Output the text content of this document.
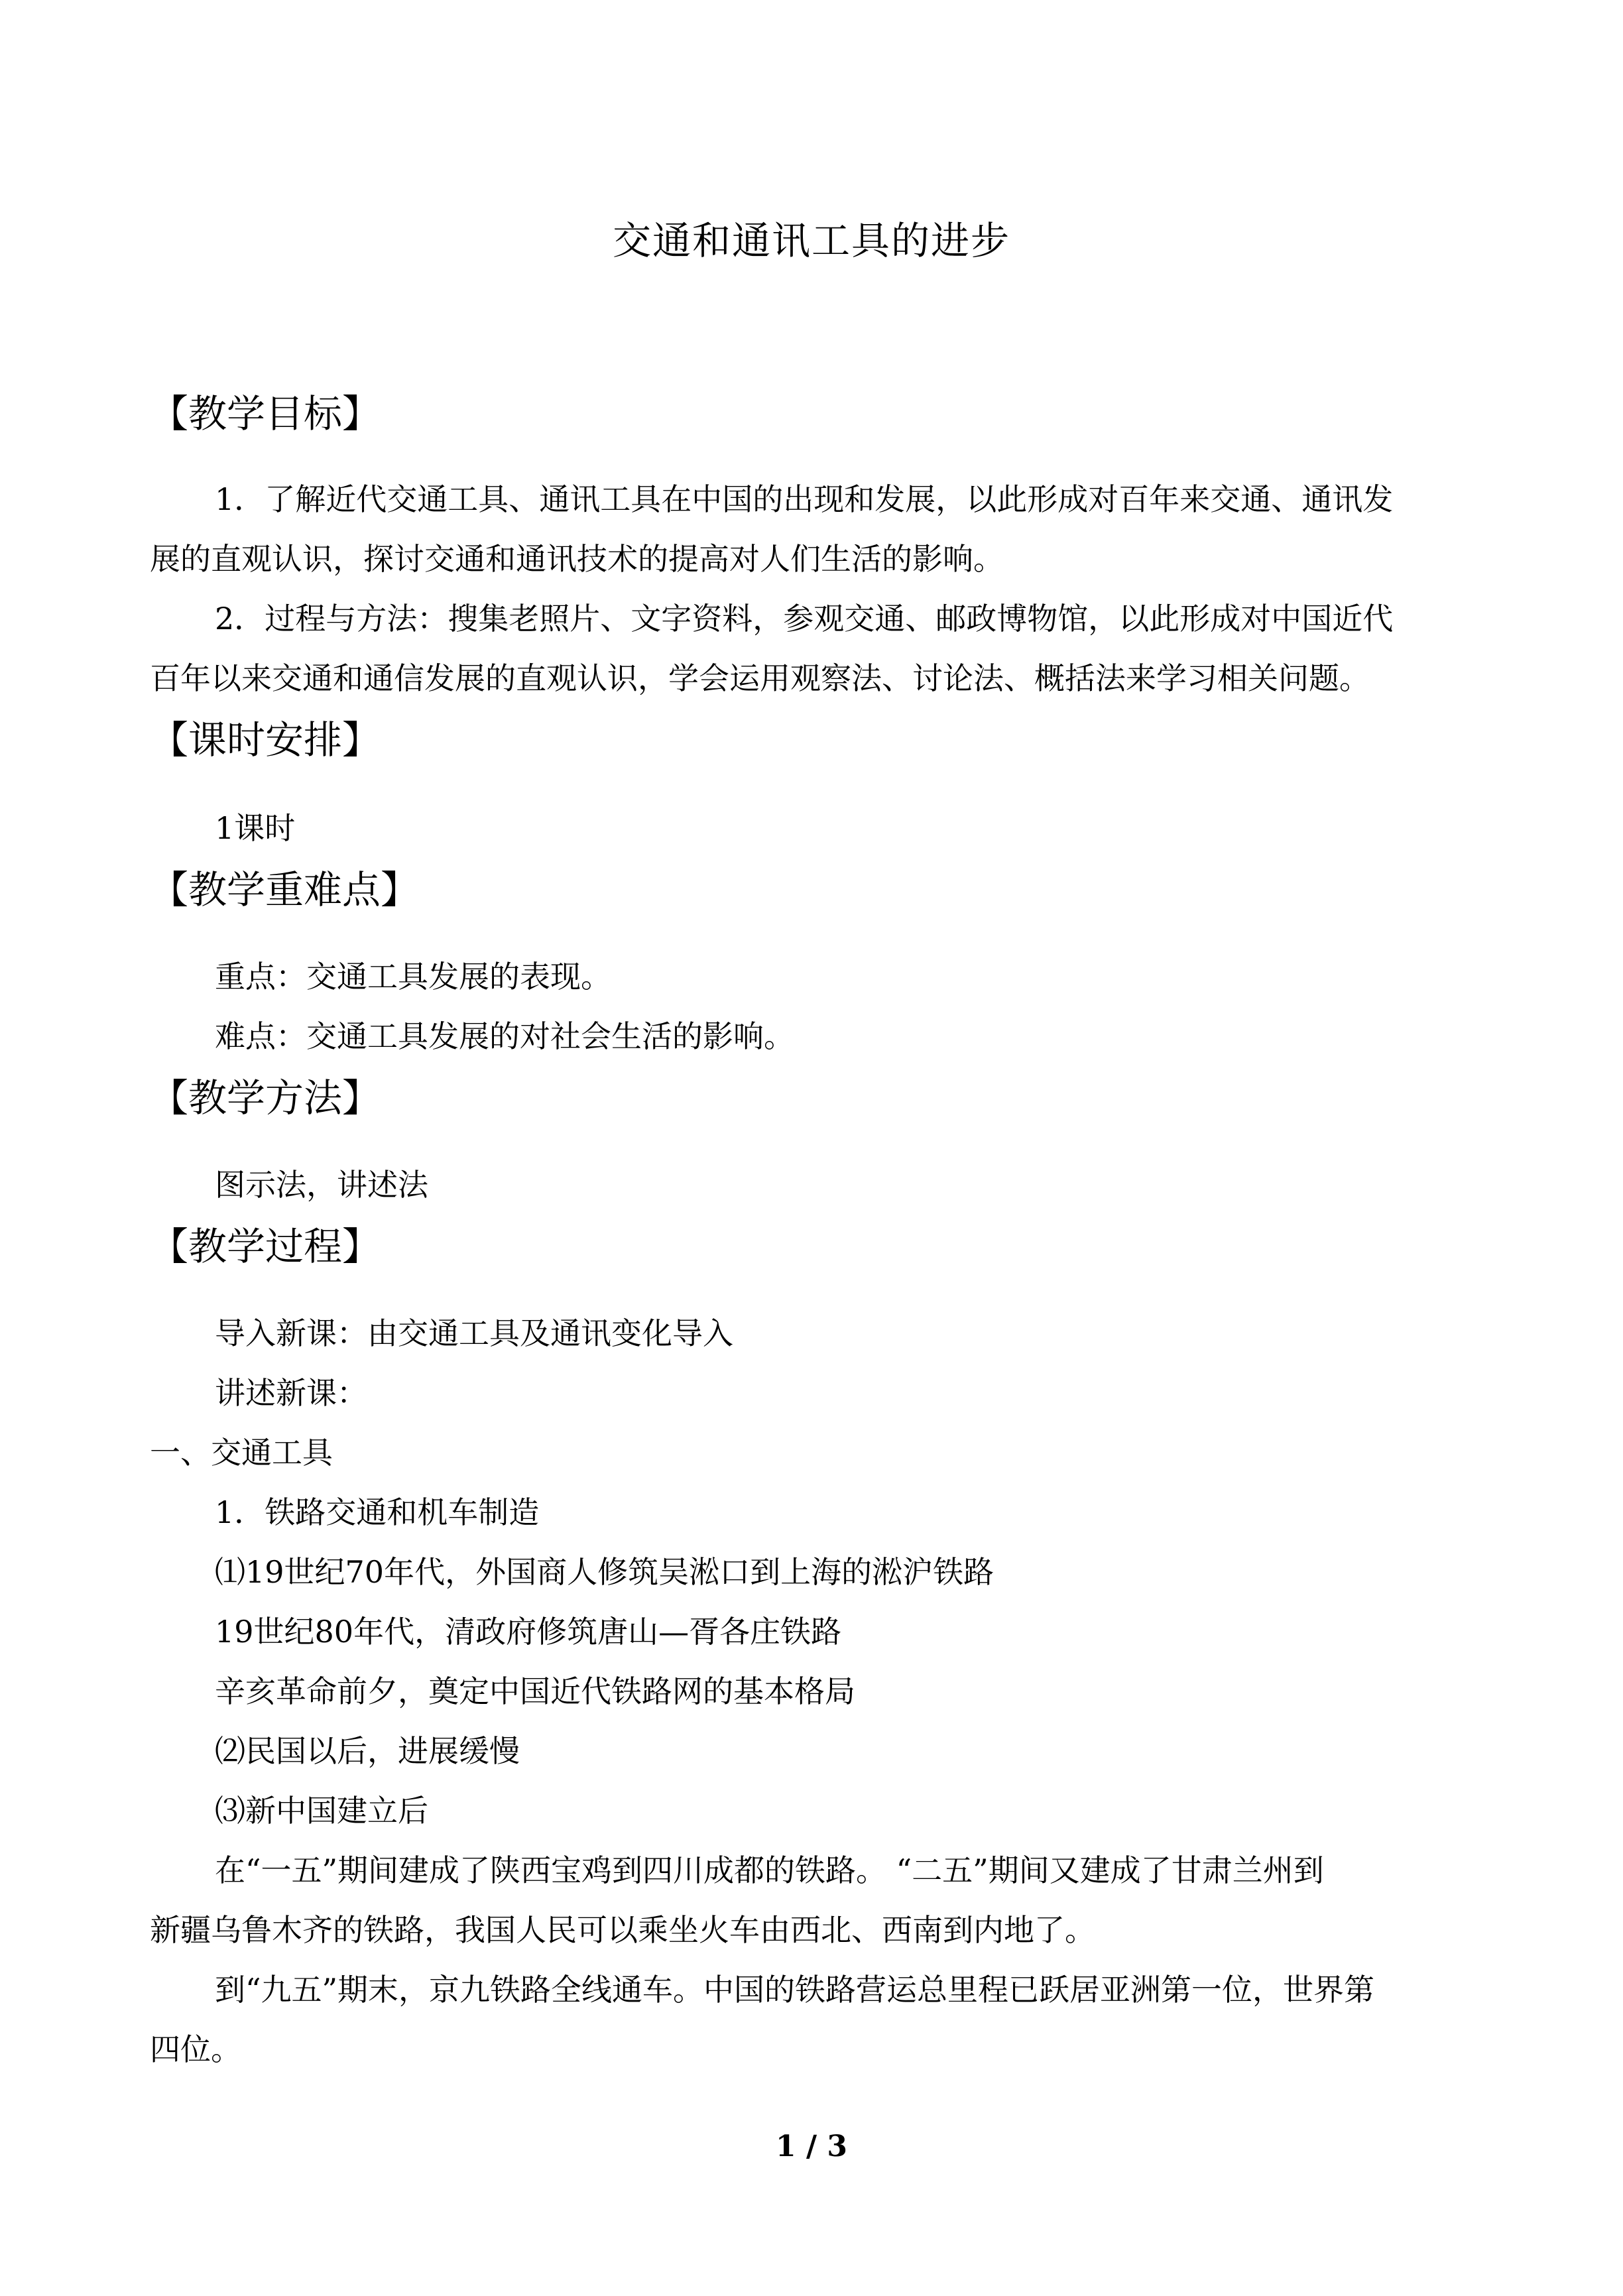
交通和通讯工具的进步
【教学目标】
1．了解近代交通工具、通讯工具在中国的出现和发展，以此形成对百年来交通、通讯发
展的直观认识，探讨交通和通讯技术的提高对人们生活的影响。
2．过程与方法：搜集老照片、文字资料，参观交通、邮政博物馆，以此形成对中国近代
百年以来交通和通信发展的直观认识，学会运用观察法、讨论法、概括法来学习相关问题。
【课时安排】
1课时
【教学重难点】
重点：交通工具发展的表现。
难点：交通工具发展的对社会生活的影响。
【教学方法】
图示法，讲述法
【教学过程】
导入新课：由交通工具及通讯变化导入
讲述新课：
一、交通工具
1．铁路交通和机车制造
⑴19世纪70年代，外国商人修筑吴淞口到上海的淞沪铁路
19世纪80年代，清政府修筑唐山—胥各庄铁路
辛亥革命前夕，奠定中国近代铁路网的基本格局
⑵民国以后，进展缓慢
⑶新中国建立后
在“一五”期间建成了陕西宝鸡到四川成都的铁路。 “二五”期间又建成了甘肃兰州到
新疆乌鲁木齐的铁路，我国人民可以乘坐火车由西北、西南到内地了。
到“九五”期末，京九铁路全线通车。中国的铁路营运总里程已跃居亚洲第一位，世界第
四位。
1 / 3
